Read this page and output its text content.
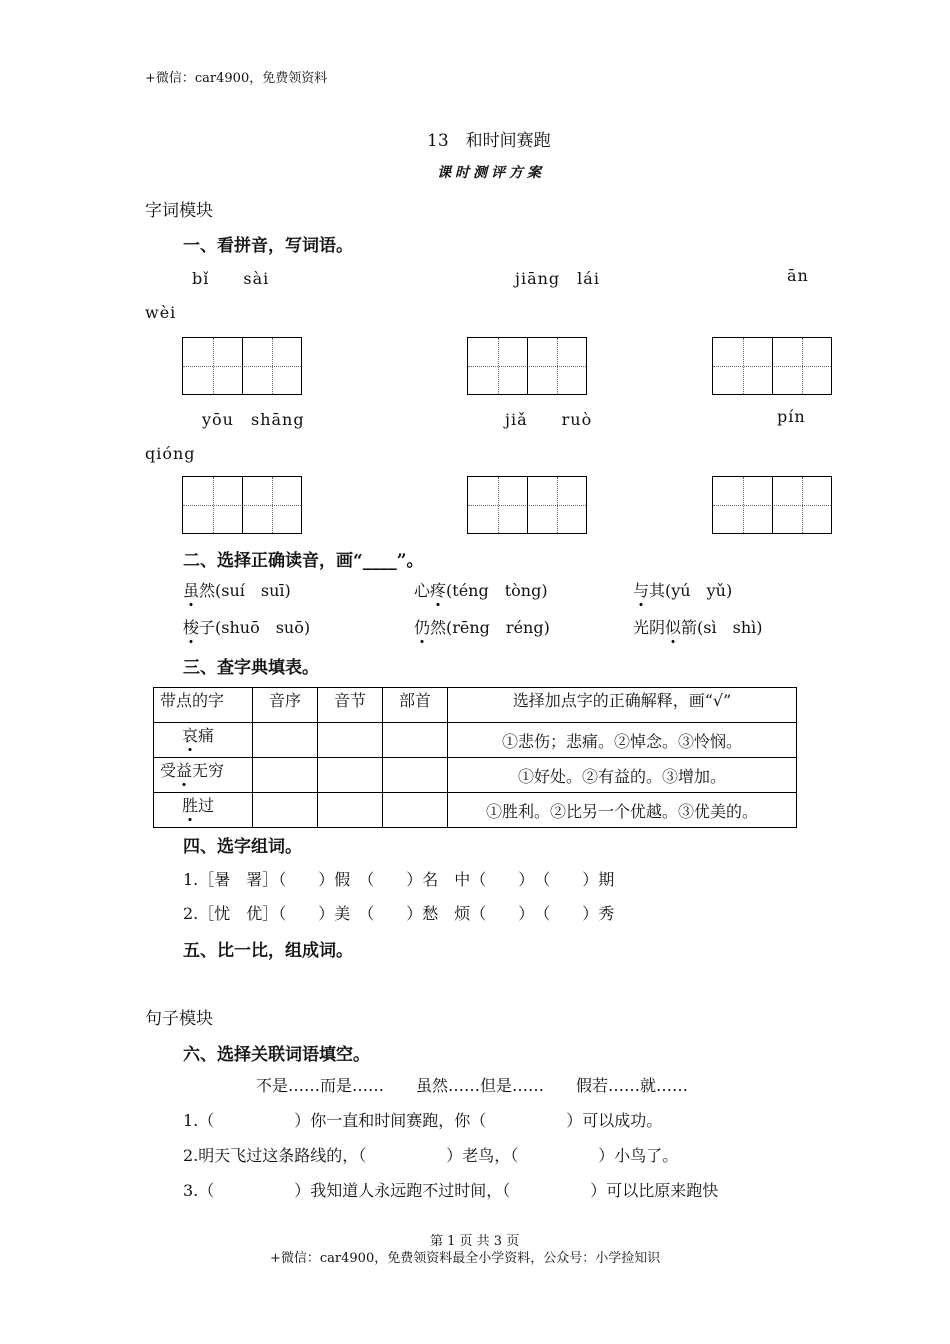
+微信：car4900，免费领资料
13　和时间赛跑
课时测评方案
字词模块
一、看拼音，写词语。
bǐ　　sài	jiāng　lái	ān
wèi
yōu　shāng	jiǎ　　ruò	pín
qióng
二、选择正确读音，画“____”。
虽然(suí　suī)	心疼(téng　tòng)	与其(yú　yǔ)
梭子(shuō　suō)	仍然(rēng　réng)	光阴似箭(sì　shì)
三、查字典填表。
带点的字	音序	音节	部首	选择加点字的正确解释，画“√”
哀痛				①悲伤；悲痛。②悼念。③怜悯。
受益无穷				①好处。②有益的。③增加。
胜过				①胜利。②比另一个优越。③优美的。
四、选字组词。
1.［暑　署］（　　）假　（　　）名　中（　　）　（　　）期
2.［忧　优］（　　）美　（　　）愁　烦（　　）　（　　）秀
五、比一比，组成词。
句子模块
六、选择关联词语填空。
不是……而是……　　虽然……但是……　　假若……就……
1.（　　　　　）你一直和时间赛跑，你（　　　　　）可以成功。
2.明天飞过这条路线的，（　　　　　）老鸟，（　　　　　）小鸟了。
3.（　　　　　）我知道人永远跑不过时间，（　　　　　）可以比原来跑快
第 1 页 共 3 页
+微信：car4900，免费领资料最全小学资料，公众号：小学捡知识
